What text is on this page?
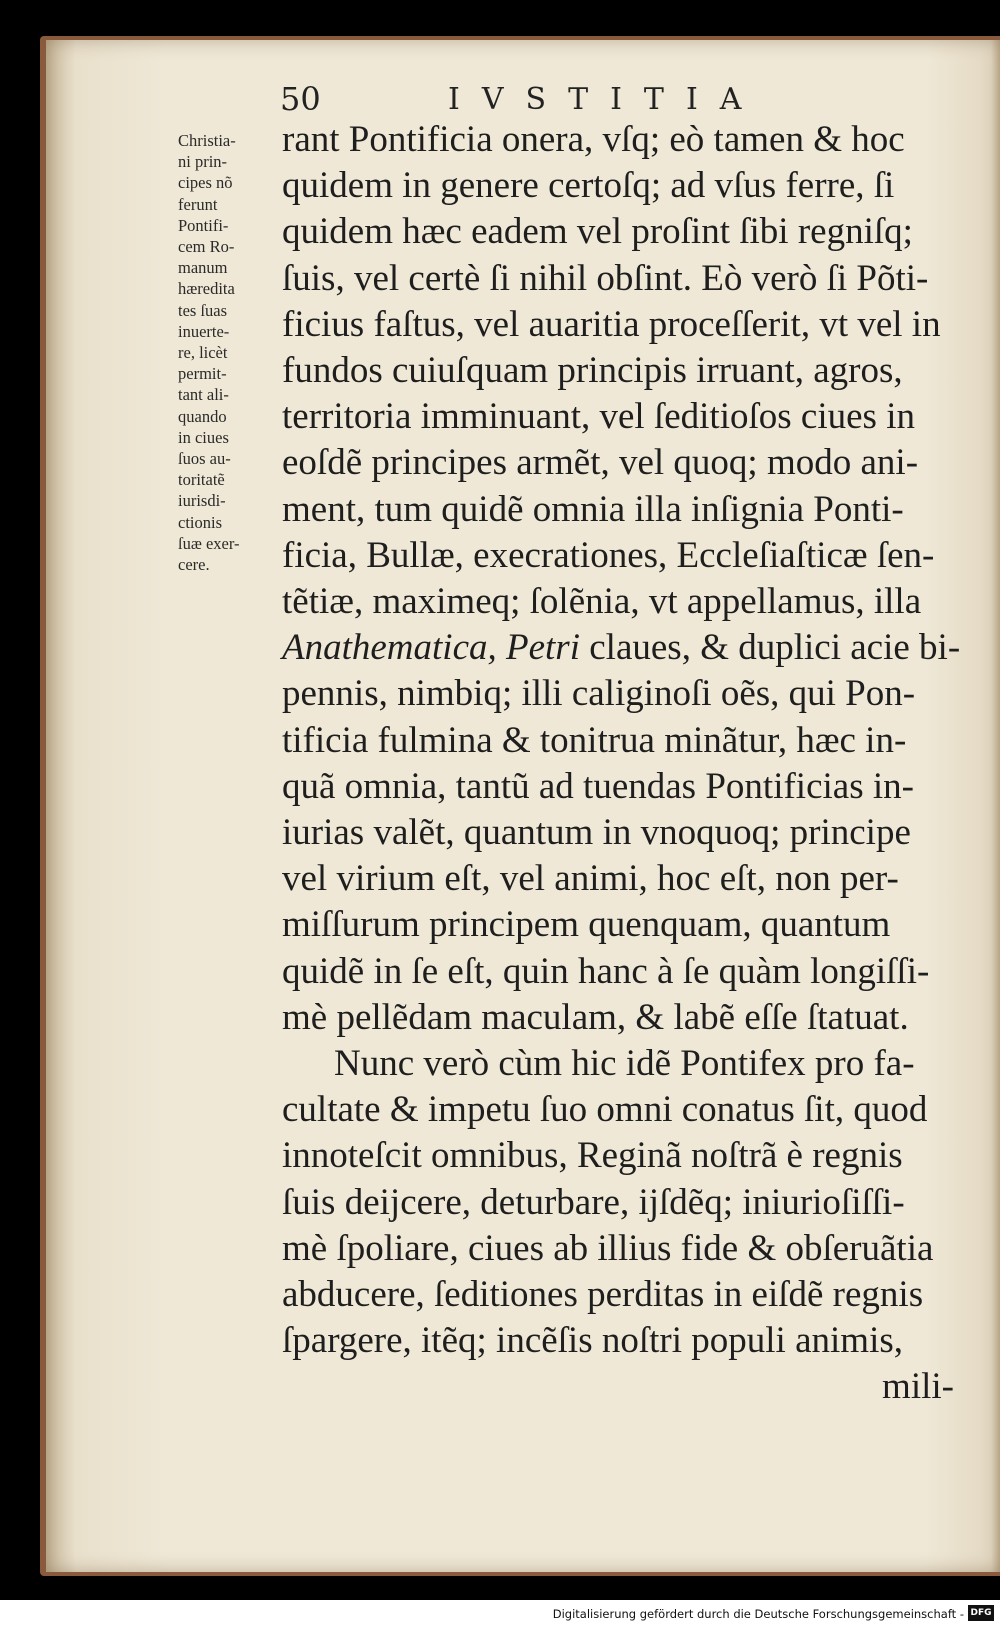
50	IVSTITIA
Christia-
ni prin-
cipes nõ
ferunt
Pontifi-
cem Ro-
manum
hæredita
tes ſuas
inuerte-
re, licèt
permit-
tant ali-
quando
in ciues
ſuos au-
toritatẽ
iurisdi-
ctionis
ſuæ exer-
cere.
rant Pontificia onera, vſq; eò tamen & hoc
quidem in genere certoſq; ad vſus ferre, ſi
quidem hæc eadem vel proſint ſibi regniſq;
ſuis, vel certè ſi nihil obſint. Eò verò ſi Põti-
ficius faſtus, vel auaritia proceſſerit, vt vel in
fundos cuiuſquam principis irruant, agros,
territoria imminuant, vel ſeditioſos ciues in
eoſdẽ principes armẽt, vel quoq; modo ani-
ment, tum quidẽ omnia illa inſignia Ponti-
ficia, Bullæ, execrationes, Eccleſiaſticæ ſen-
tẽtiæ, maximeq; ſolẽnia, vt appellamus, illa
Anathematica, Petri claues, & duplici acie bi-
pennis, nimbiq; illi caliginoſi oẽs, qui Pon-
tificia fulmina & tonitrua minãtur, hæc in-
quã omnia, tantũ ad tuendas Pontificias in-
iurias valẽt, quantum in vnoquoq; principe
vel virium eſt, vel animi, hoc eſt, non per-
miſſurum principem quenquam, quantum
quidẽ in ſe eſt, quin hanc à ſe quàm longiſſi-
mè pellẽdam maculam, & labẽ eſſe ſtatuat.
Nunc verò cùm hic idẽ Pontifex pro fa-
cultate & impetu ſuo omni conatus ſit, quod
innoteſcit omnibus, Reginã noſtrã è regnis
ſuis deijcere, deturbare, ijſdẽq; iniurioſiſſi-
mè ſpoliare, ciues ab illius fide & obſeruãtia
abducere, ſeditiones perditas in eiſdẽ regnis
ſpargere, itẽq; incẽſis noſtri populi animis,
mili-
Digitalisierung gefördert durch die Deutsche Forschungsgemeinschaft - DFG
